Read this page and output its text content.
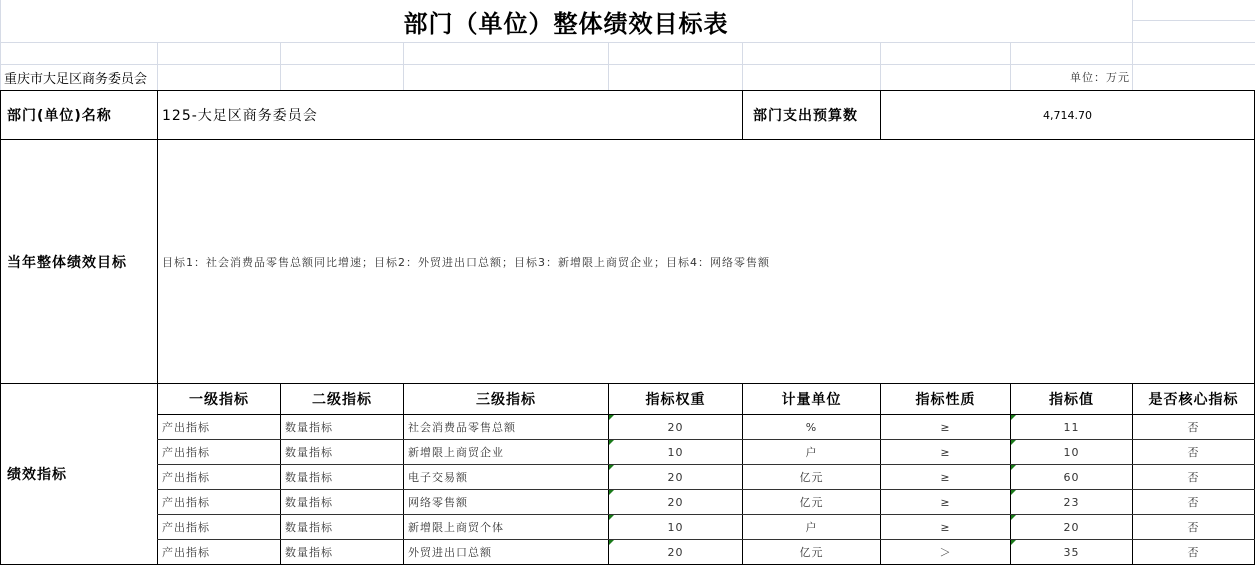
部门（单位）整体绩效目标表
重庆市大足区商务委员会	单位：万元
部门(单位)名称	125-大足区商务委员会	部门支出预算数	4,714.70
当年整体绩效目标	目标1：社会消费品零售总额同比增速；目标2：外贸进出口总额；目标3：新增限上商贸企业；目标4：网络零售额
绩效指标
一级指标	二级指标	三级指标	指标权重	计量单位	指标性质	指标值	是否核心指标
产出指标	数量指标	社会消费品零售总额	20	%	≥	11	否
产出指标	数量指标	新增限上商贸企业	10	户	≥	10	否
产出指标	数量指标	电子交易额	20	亿元	≥	60	否
产出指标	数量指标	网络零售额	20	亿元	≥	23	否
产出指标	数量指标	新增限上商贸个体	10	户	≥	20	否
产出指标	数量指标	外贸进出口总额	20	亿元	＞	35	否
